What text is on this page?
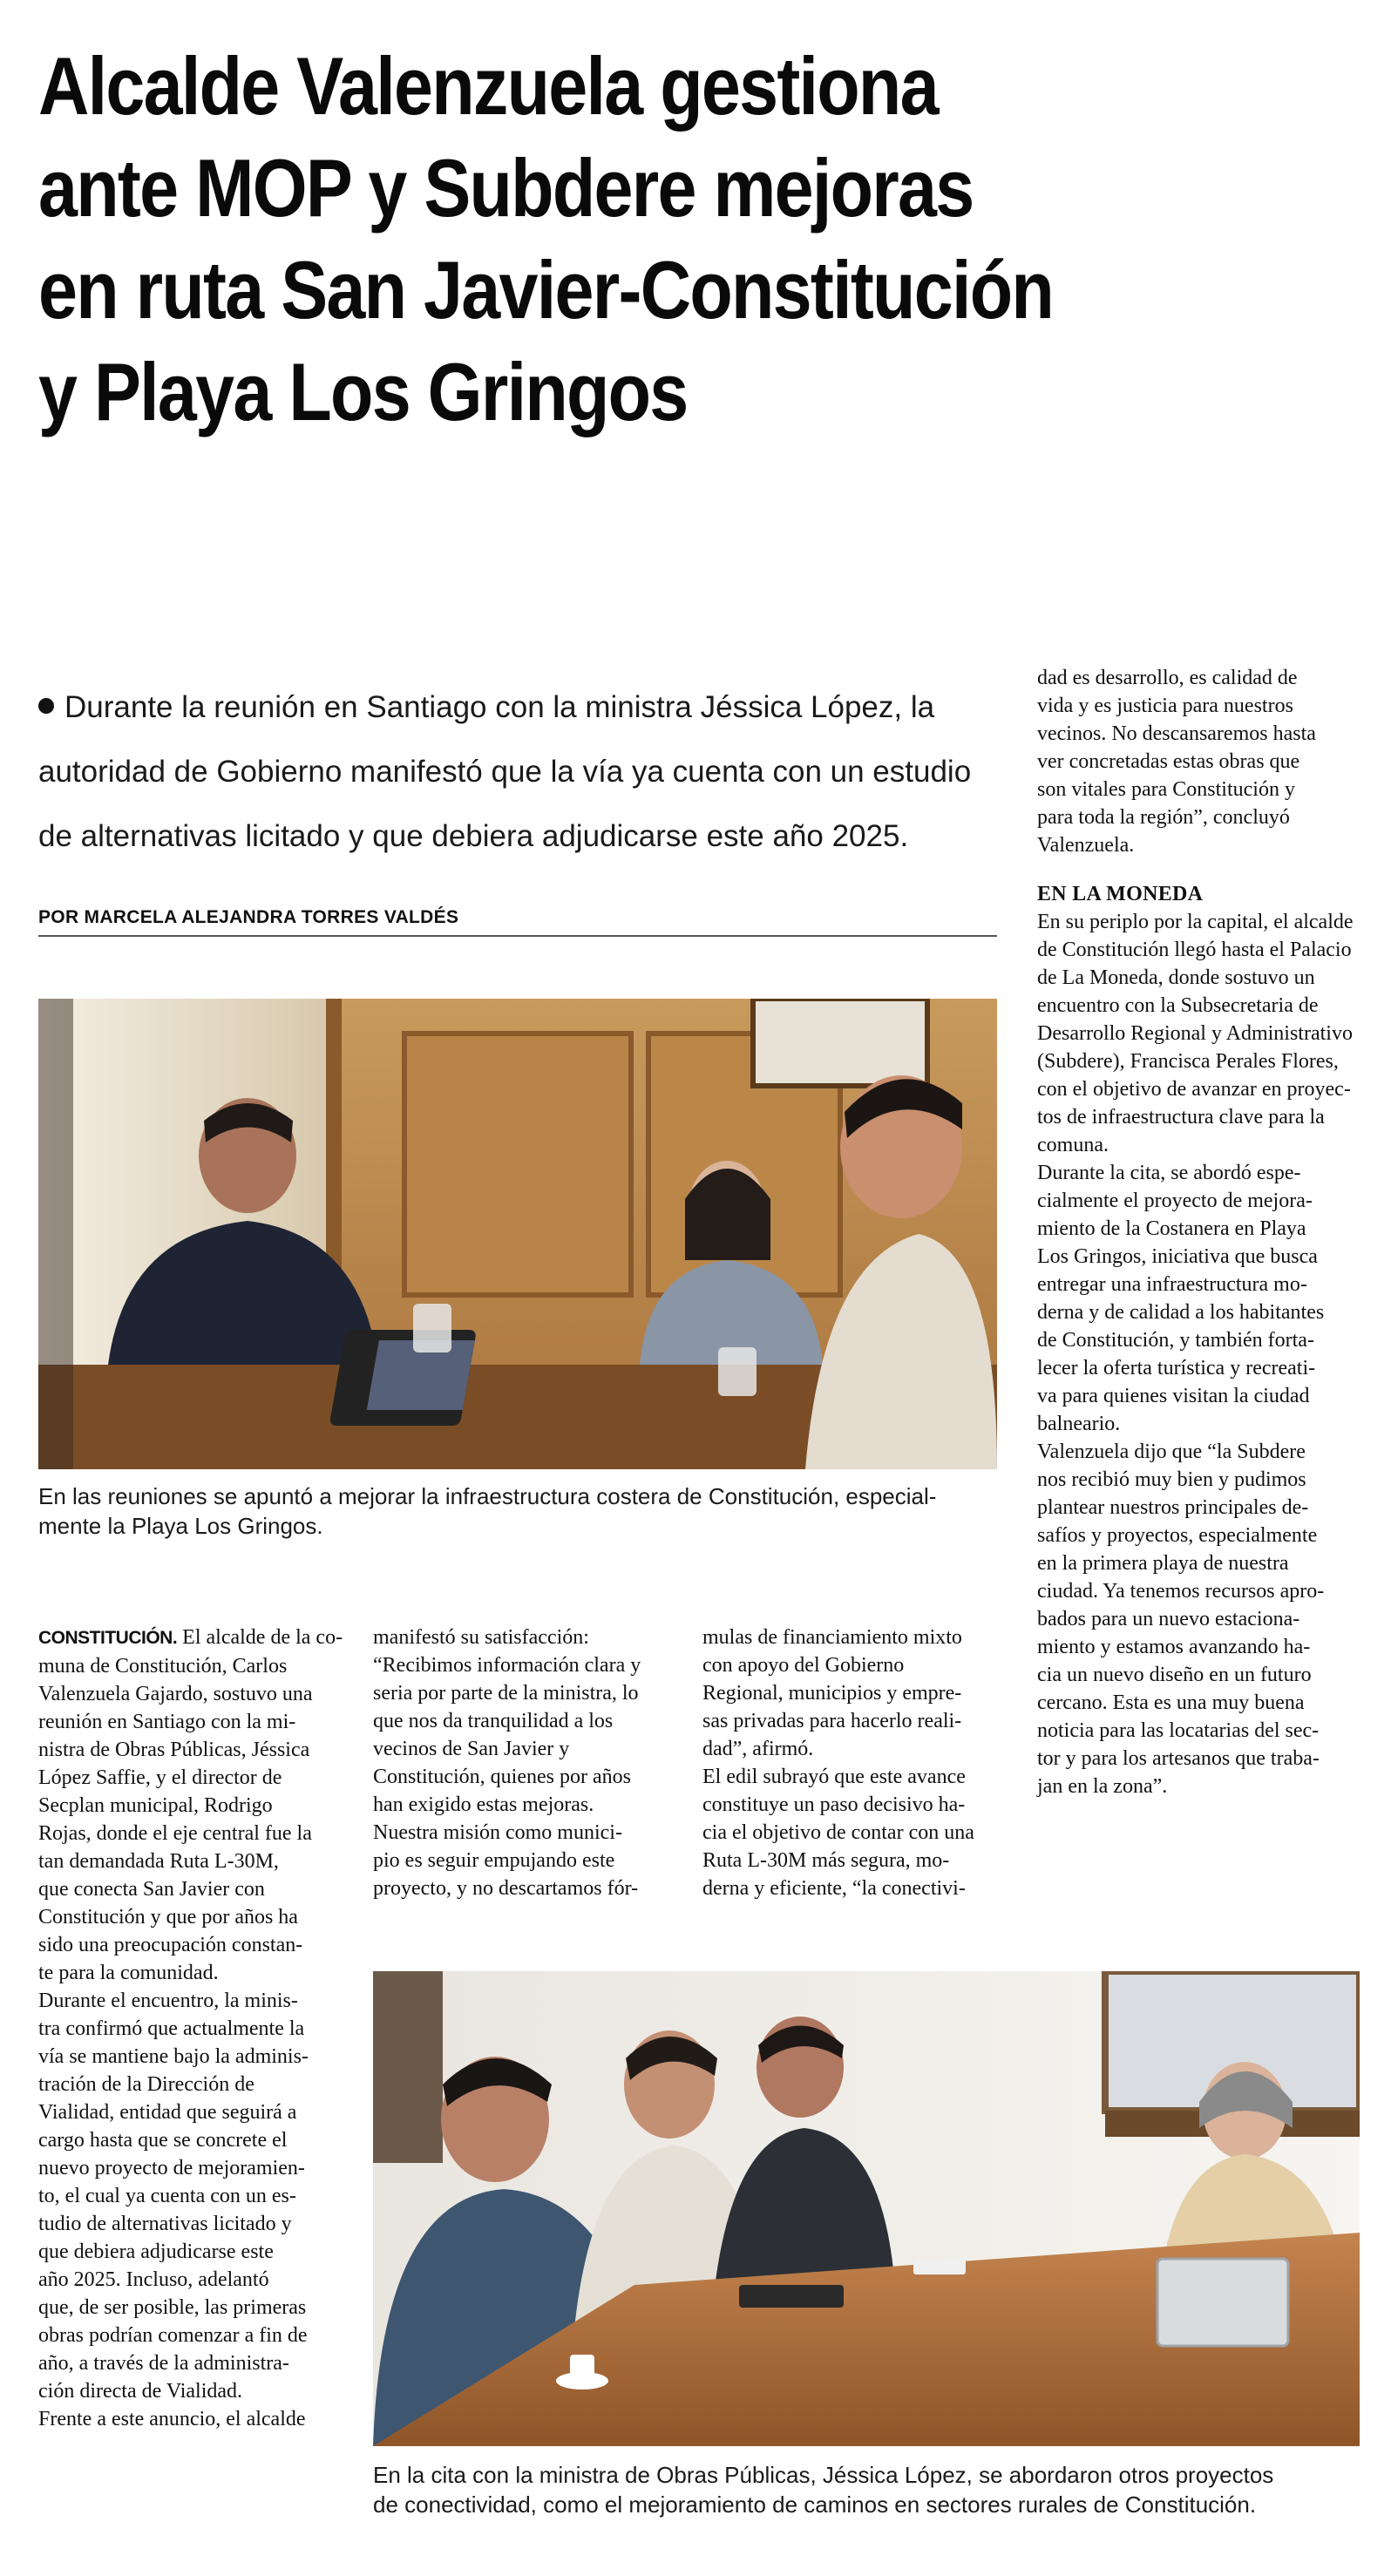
Alcalde Valenzuela gestiona
ante MOP y Subdere mejoras
en ruta San Javier-Constitución
y Playa Los Gringos
Durante la reunión en Santiago con la ministra Jéssica López, la
autoridad de Gobierno manifestó que la vía ya cuenta con un estudio
de alternativas licitado y que debiera adjudicarse este año 2025.
POR MARCELA ALEJANDRA TORRES VALDÉS
En las reuniones se apuntó a mejorar la infraestructura costera de Constitución, especial-
mente la Playa Los Gringos.
CONSTITUCIÓN. El alcalde de la co-
muna de Constitución, Carlos
Valenzuela Gajardo, sostuvo una
reunión en Santiago con la mi-
nistra de Obras Públicas, Jéssica
López Saffie, y el director de
Secplan municipal, Rodrigo
Rojas, donde el eje central fue la
tan demandada Ruta L-30M,
que conecta San Javier con
Constitución y que por años ha
sido una preocupación constan-
te para la comunidad.
Durante el encuentro, la minis-
tra confirmó que actualmente la
vía se mantiene bajo la adminis-
tración de la Dirección de
Vialidad, entidad que seguirá a
cargo hasta que se concrete el
nuevo proyecto de mejoramien-
to, el cual ya cuenta con un es-
tudio de alternativas licitado y
que debiera adjudicarse este
año 2025. Incluso, adelantó
que, de ser posible, las primeras
obras podrían comenzar a fin de
año, a través de la administra-
ción directa de Vialidad.
Frente a este anuncio, el alcalde
manifestó su satisfacción:
“Recibimos información clara y
seria por parte de la ministra, lo
que nos da tranquilidad a los
vecinos de San Javier y
Constitución, quienes por años
han exigido estas mejoras.
Nuestra misión como munici-
pio es seguir empujando este
proyecto, y no descartamos fór-
mulas de financiamiento mixto
con apoyo del Gobierno
Regional, municipios y empre-
sas privadas para hacerlo reali-
dad”, afirmó.
El edil subrayó que este avance
constituye un paso decisivo ha-
cia el objetivo de contar con una
Ruta L-30M más segura, mo-
derna y eficiente, “la conectivi-
dad es desarrollo, es calidad de
vida y es justicia para nuestros
vecinos. No descansaremos hasta
ver concretadas estas obras que
son vitales para Constitución y
para toda la región”, concluyó
Valenzuela.
EN LA MONEDA
En su periplo por la capital, el alcalde
de Constitución llegó hasta el Palacio
de La Moneda, donde sostuvo un
encuentro con la Subsecretaria de
Desarrollo Regional y Administrativo
(Subdere), Francisca Perales Flores,
con el objetivo de avanzar en proyec-
tos de infraestructura clave para la
comuna.
Durante la cita, se abordó espe-
cialmente el proyecto de mejora-
miento de la Costanera en Playa
Los Gringos, iniciativa que busca
entregar una infraestructura mo-
derna y de calidad a los habitantes
de Constitución, y también forta-
lecer la oferta turística y recreati-
va para quienes visitan la ciudad
balneario.
Valenzuela dijo que “la Subdere
nos recibió muy bien y pudimos
plantear nuestros principales de-
safíos y proyectos, especialmente
en la primera playa de nuestra
ciudad. Ya tenemos recursos apro-
bados para un nuevo estaciona-
miento y estamos avanzando ha-
cia un nuevo diseño en un futuro
cercano. Esta es una muy buena
noticia para las locatarias del sec-
tor y para los artesanos que traba-
jan en la zona”.
En la cita con la ministra de Obras Públicas, Jéssica López, se abordaron otros proyectos
de conectividad, como el mejoramiento de caminos en sectores rurales de Constitución.
